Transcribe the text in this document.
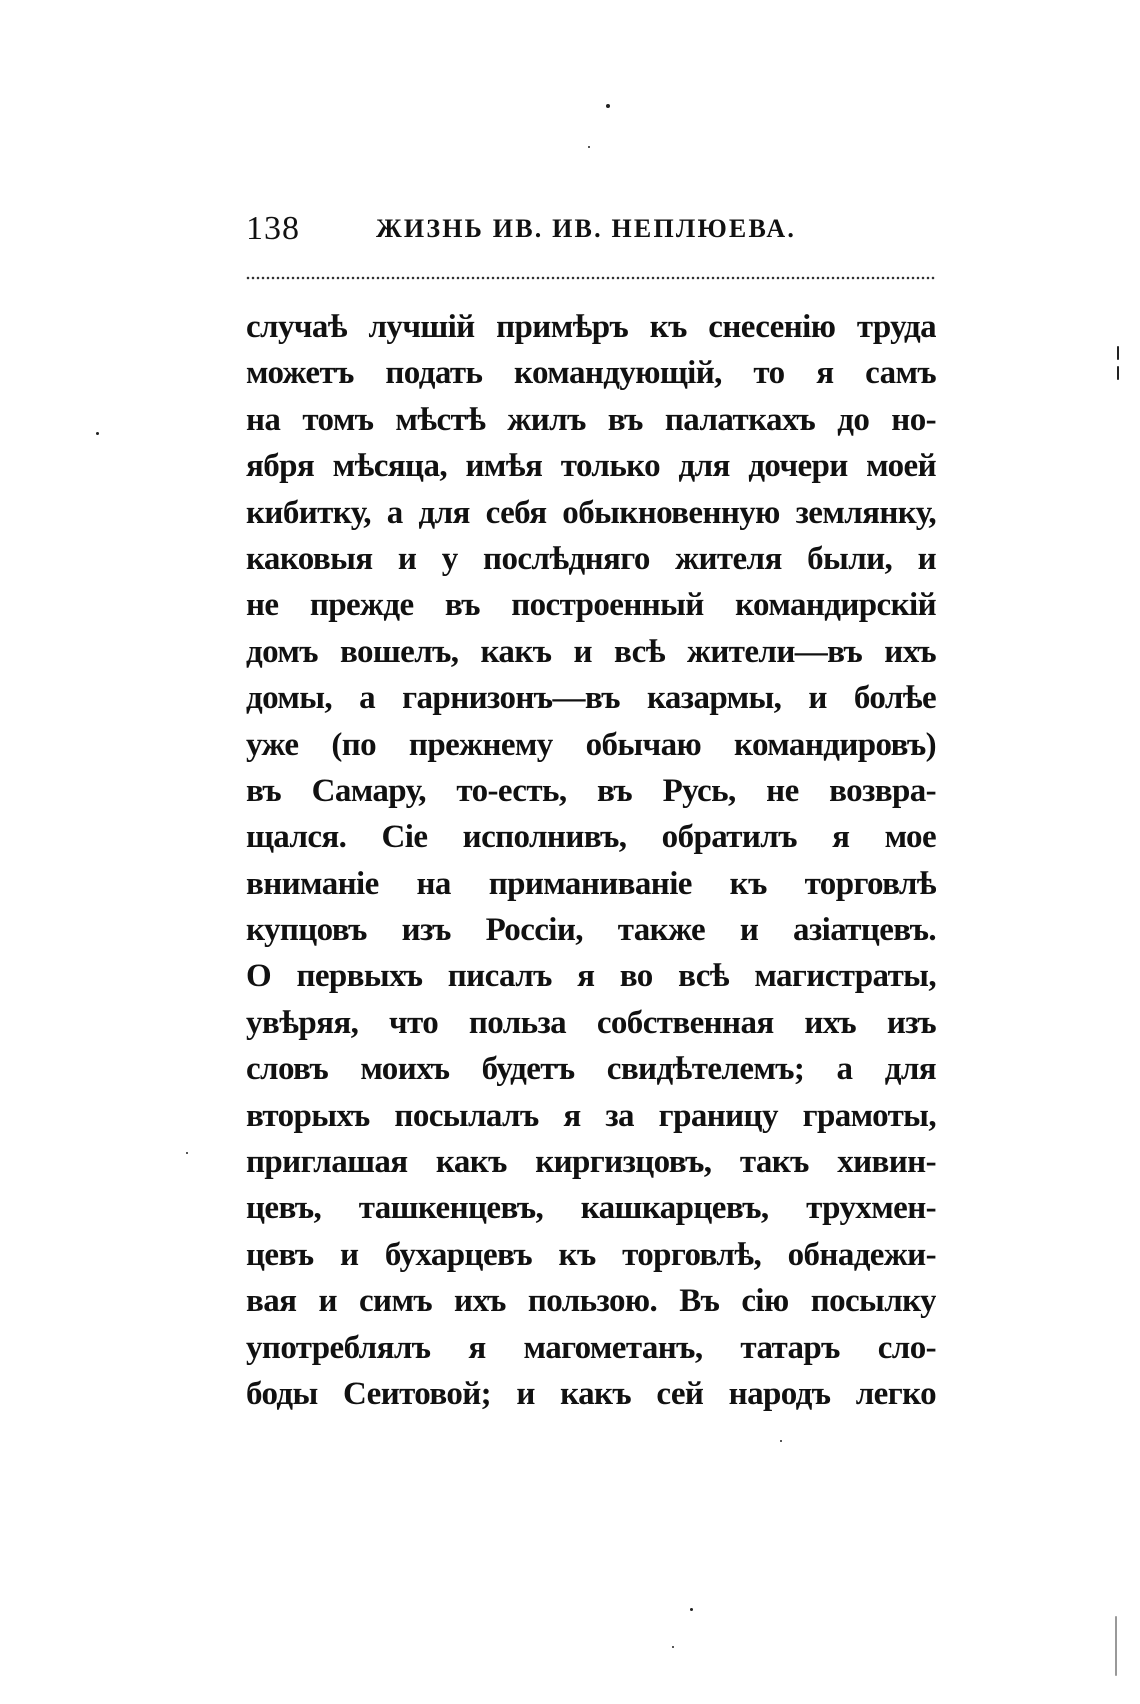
138	ЖИЗНЬ ИВ. ИВ. НЕПЛЮЕВА.
случаѣ лучшій примѣръ къ снесенію труда
можетъ подать командующій, то я самъ
на томъ мѣстѣ жилъ въ палаткахъ до но-
ября мѣсяца, имѣя только для дочери моей
кибитку, а для себя обыкновенную землянку,
каковыя и у послѣдняго жителя были, и
не прежде въ построенный командирскій
домъ вошелъ, какъ и всѣ жители—въ ихъ
домы, а гарнизонъ—въ казармы, и болѣе
уже (по прежнему обычаю командировъ)
въ Самару, то-есть, въ Русь, не возвра-
щался. Сіе исполнивъ, обратилъ я мое
вниманіе на приманиваніе къ торговлѣ
купцовъ изъ Россіи, также и азіатцевъ.
О первыхъ писалъ я во всѣ магистраты,
увѣряя, что польза собственная ихъ изъ
словъ моихъ будетъ свидѣтелемъ; а для
вторыхъ посылалъ я за границу грамоты,
приглашая какъ киргизцовъ, такъ хивин-
цевъ, ташкенцевъ, кашкарцевъ, трухмен-
цевъ и бухарцевъ къ торговлѣ, обнадежи-
вая и симъ ихъ пользою. Въ сію посылку
употреблялъ я магометанъ, татаръ сло-
боды Сеитовой; и какъ сей народъ легко
